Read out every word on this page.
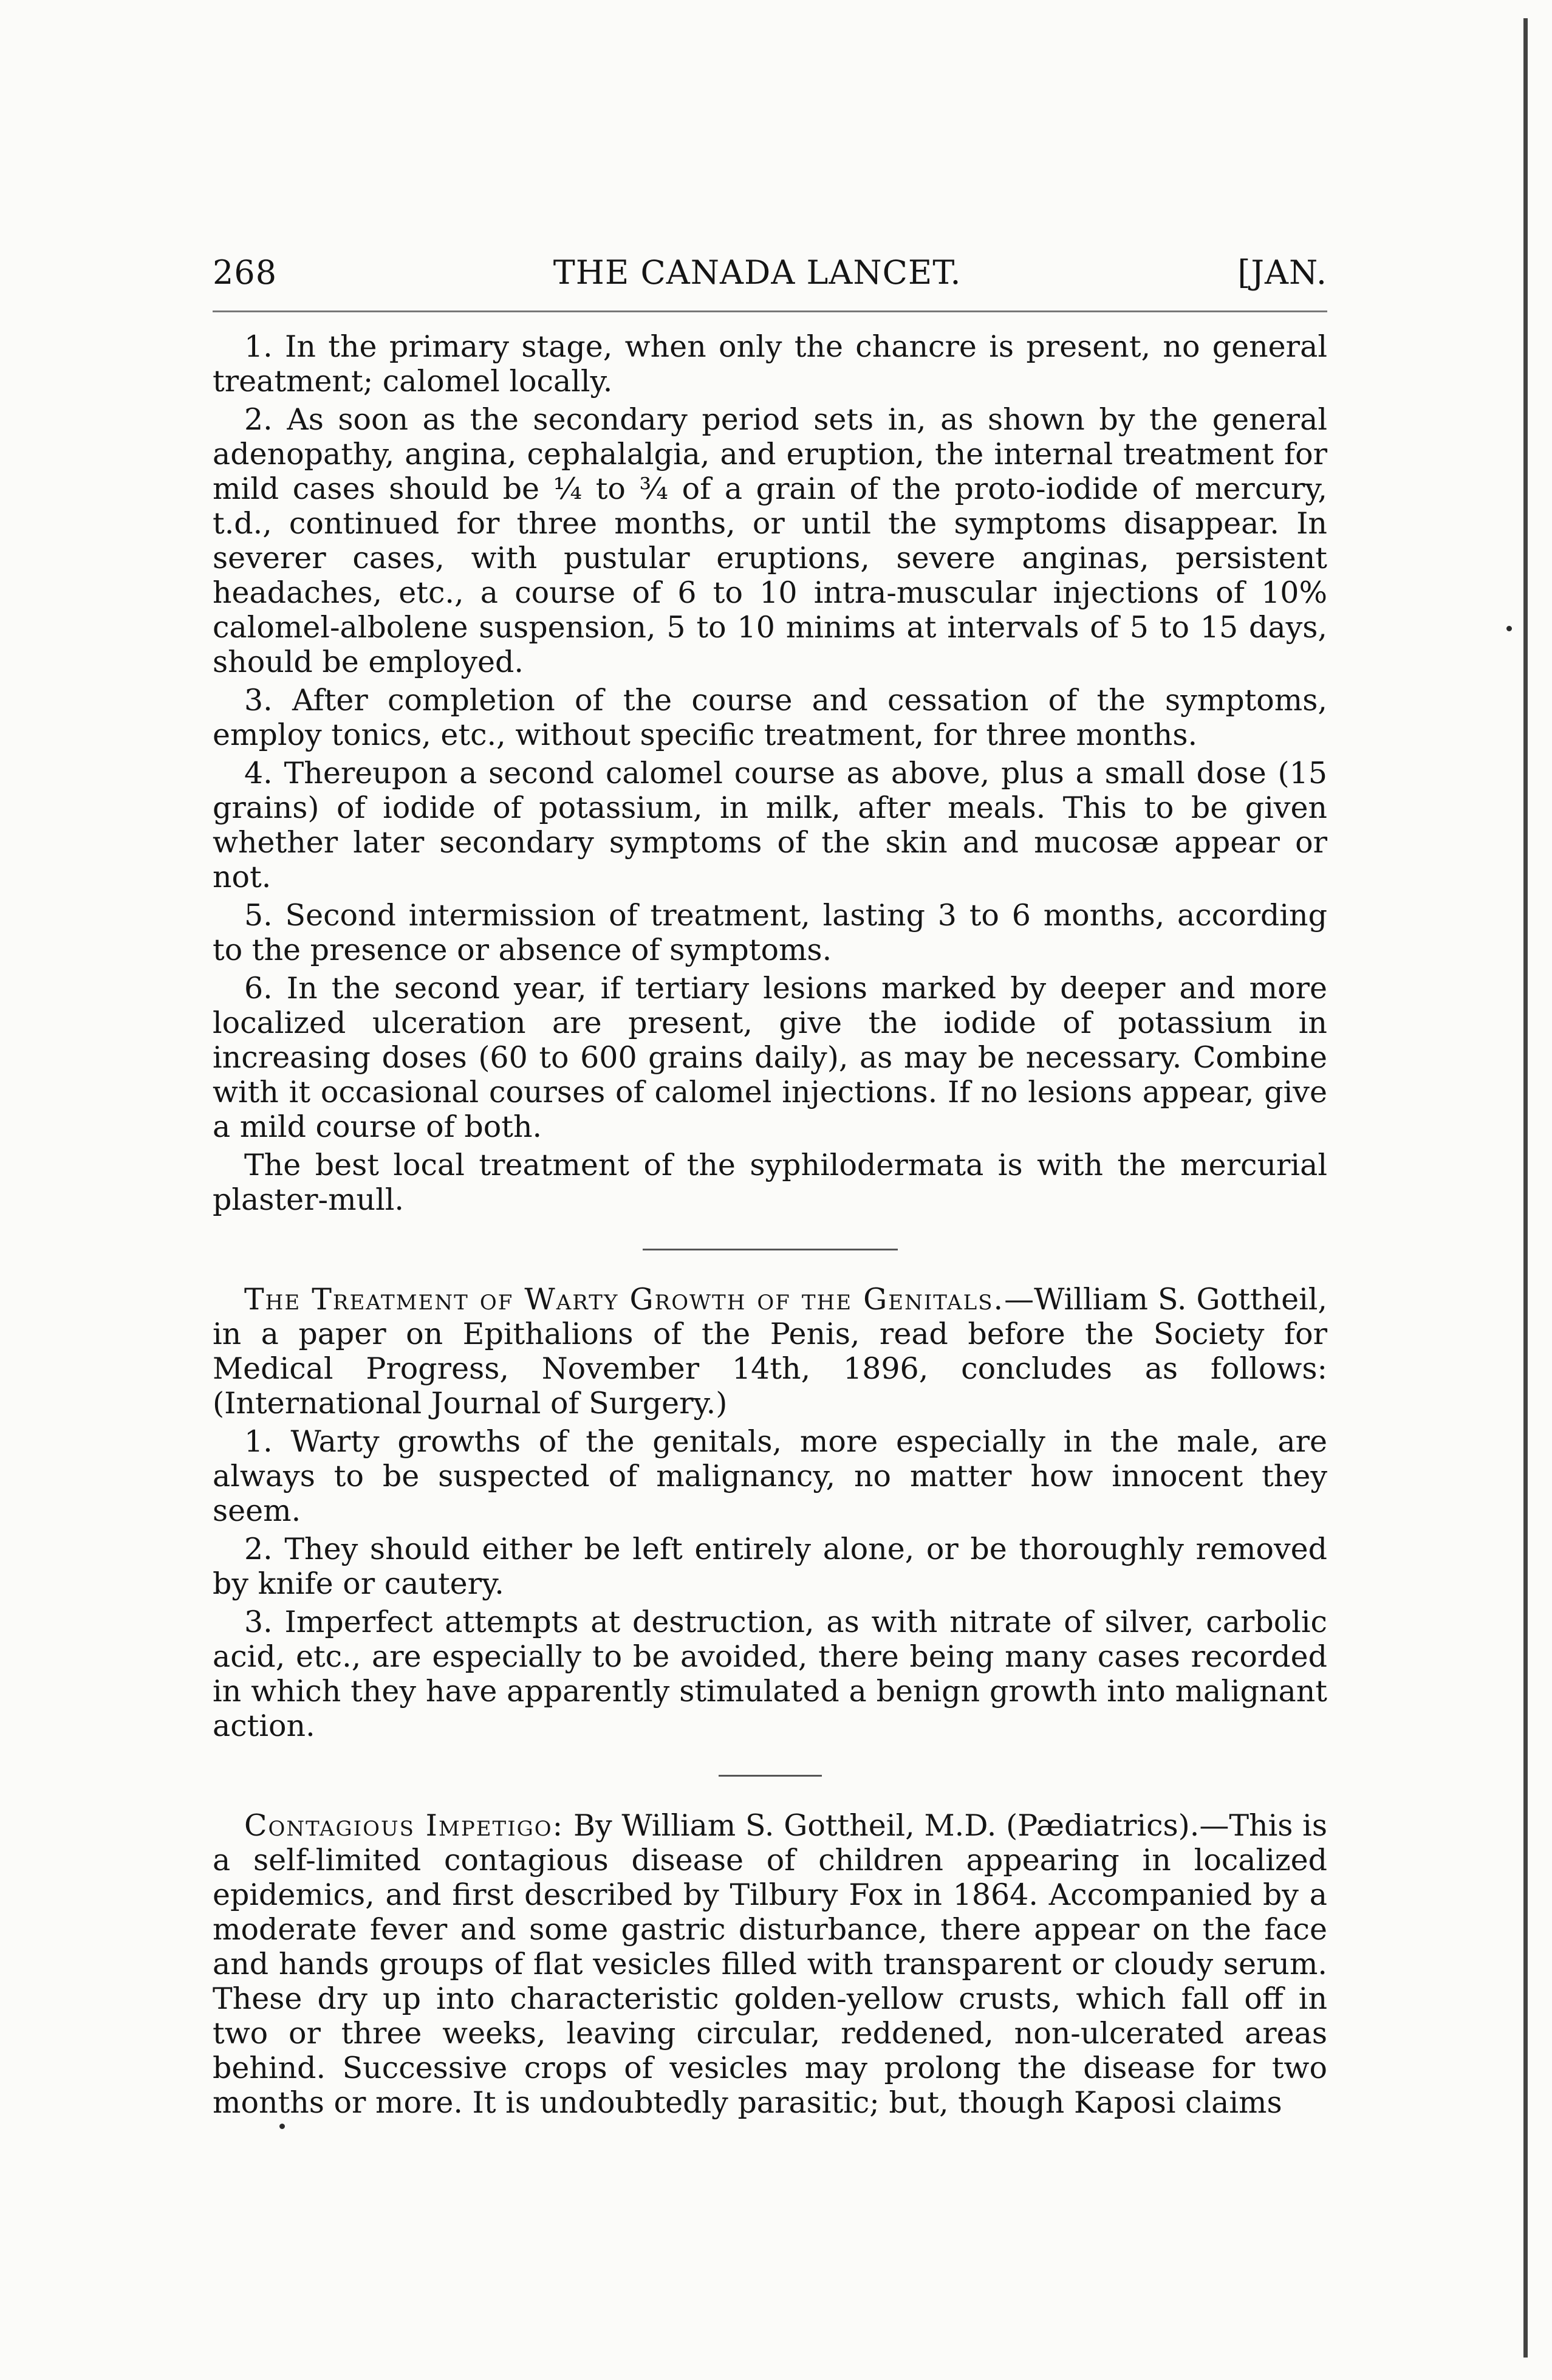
268	THE CANADA LANCET.	[JAN.

1. In the primary stage, when only the chancre is present, no general treatment; calomel locally.

2. As soon as the secondary period sets in, as shown by the general adenopathy, angina, cephalalgia, and eruption, the internal treatment for mild cases should be ¼ to ¾ of a grain of the proto-iodide of mercury, t.d., continued for three months, or until the symptoms disappear. In severer cases, with pustular eruptions, severe anginas, persistent headaches, etc., a course of 6 to 10 intra-muscular injections of 10% calomel-albolene suspension, 5 to 10 minims at intervals of 5 to 15 days, should be employed.

3. After completion of the course and cessation of the symptoms, employ tonics, etc., without specific treatment, for three months.

4. Thereupon a second calomel course as above, plus a small dose (15 grains) of iodide of potassium, in milk, after meals. This to be given whether later secondary symptoms of the skin and mucosæ appear or not.

5. Second intermission of treatment, lasting 3 to 6 months, according to the presence or absence of symptoms.

6. In the second year, if tertiary lesions marked by deeper and more localized ulceration are present, give the iodide of potassium in increasing doses (60 to 600 grains daily), as may be necessary. Combine with it occasional courses of calomel injections. If no lesions appear, give a mild course of both.

The best local treatment of the syphilodermata is with the mercurial plaster-mull.

The Treatment of Warty Growth of the Genitals.—William S. Gottheil, in a paper on Epithalions of the Penis, read before the Society for Medical Progress, November 14th, 1896, concludes as follows: (International Journal of Surgery.)

1. Warty growths of the genitals, more especially in the male, are always to be suspected of malignancy, no matter how innocent they seem.

2. They should either be left entirely alone, or be thoroughly removed by knife or cautery.

3. Imperfect attempts at destruction, as with nitrate of silver, carbolic acid, etc., are especially to be avoided, there being many cases recorded in which they have apparently stimulated a benign growth into malignant action.

Contagious Impetigo: By William S. Gottheil, M.D. (Pædiatrics).—This is a self-limited contagious disease of children appearing in localized epidemics, and first described by Tilbury Fox in 1864. Accompanied by a moderate fever and some gastric disturbance, there appear on the face and hands groups of flat vesicles filled with transparent or cloudy serum. These dry up into characteristic golden-yellow crusts, which fall off in two or three weeks, leaving circular, reddened, non-ulcerated areas behind. Successive crops of vesicles may prolong the disease for two months or more. It is undoubtedly parasitic; but, though Kaposi claims
